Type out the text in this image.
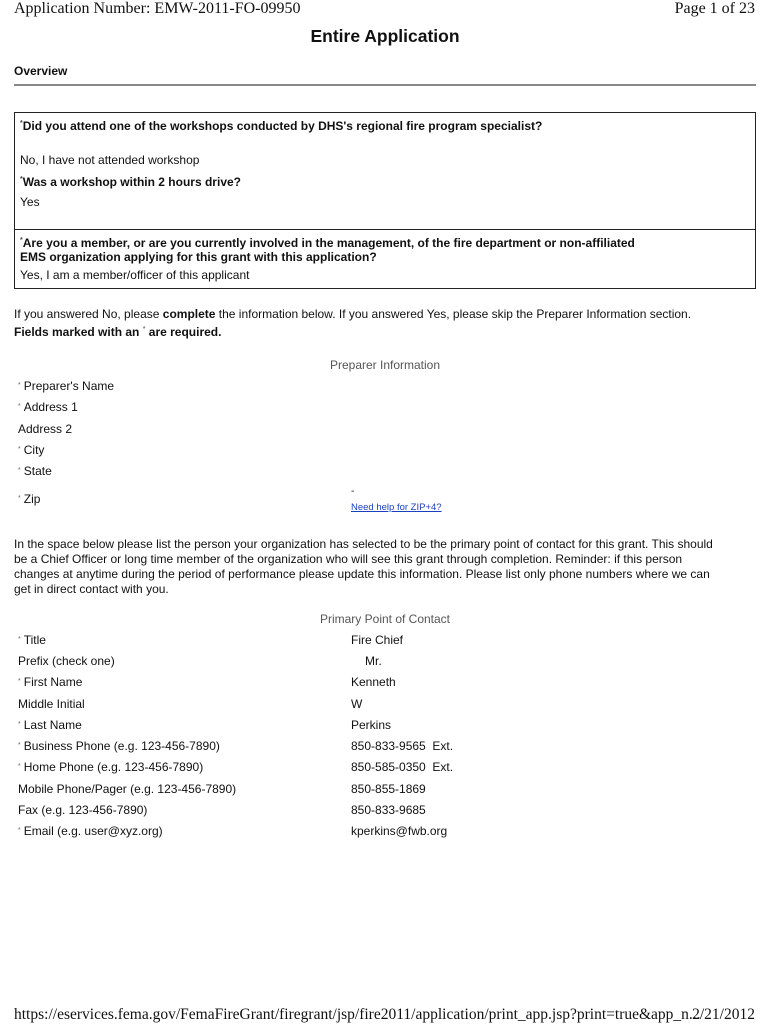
Application Number: EMW-2011-FO-09950	Page 1 of 23
Entire Application
Overview
*Did you attend one of the workshops conducted by DHS's regional fire program specialist?
No, I have not attended workshop
*Was a workshop within 2 hours drive?
Yes
*Are you a member, or are you currently involved in the management, of the fire department or non-affiliated
EMS organization applying for this grant with this application?
Yes, I am a member/officer of this applicant
If you answered No, please complete the information below. If you answered Yes, please skip the Preparer Information section.
Fields marked with an * are required.
Preparer Information
* Preparer's Name
* Address 1
Address 2
* City
* State
* Zip
-
Need help for ZIP+4?
In the space below please list the person your organization has selected to be the primary point of contact for this grant. This should
be a Chief Officer or long time member of the organization who will see this grant through completion. Reminder: if this person
changes at anytime during the period of performance please update this information. Please list only phone numbers where we can
get in direct contact with you.
Primary Point of Contact
* Title	Fire Chief
Prefix (check one)	Mr.
* First Name	Kenneth
Middle Initial	W
* Last Name	Perkins
* Business Phone (e.g. 123-456-7890)	850-833-9565  Ext.
* Home Phone (e.g. 123-456-7890)	850-585-0350  Ext.
Mobile Phone/Pager (e.g. 123-456-7890)	850-855-1869
Fax (e.g. 123-456-7890)	850-833-9685
* Email (e.g. user@xyz.org)	kperkins@fwb.org
https://eservices.fema.gov/FemaFireGrant/firegrant/jsp/fire2011/application/print_app.jsp?print=true&app_n...
2/21/2012
